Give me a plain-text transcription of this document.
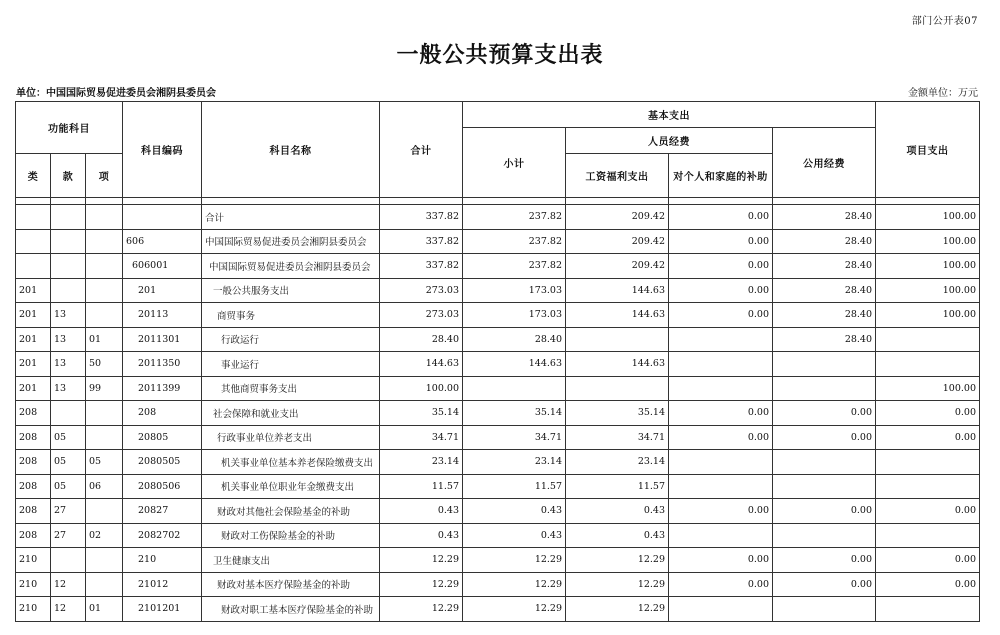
部门公开表07
一般公共预算支出表
单位：中国国际贸易促进委员会湘阴县委员会	金额单位：万元
功能科目			科目编码	科目名称	合计	基本支出				项目支出
						小计	人员经费		公用经费	
类	款	项					工资福利支出	对个人和家庭的补助		

				合计	337.82	237.82	209.42	0.00	28.40	100.00
			606	中国国际贸易促进委员会湘阴县委员会	337.82	237.82	209.42	0.00	28.40	100.00
			606001	中国国际贸易促进委员会湘阴县委员会	337.82	237.82	209.42	0.00	28.40	100.00
201			201	一般公共服务支出	273.03	173.03	144.63	0.00	28.40	100.00
201	13		20113	商贸事务	273.03	173.03	144.63	0.00	28.40	100.00
201	13	01	2011301	行政运行	28.40	28.40			28.40	
201	13	50	2011350	事业运行	144.63	144.63	144.63			
201	13	99	2011399	其他商贸事务支出	100.00					100.00
208			208	社会保障和就业支出	35.14	35.14	35.14	0.00	0.00	0.00
208	05		20805	行政事业单位养老支出	34.71	34.71	34.71	0.00	0.00	0.00
208	05	05	2080505	机关事业单位基本养老保险缴费支出	23.14	23.14	23.14			
208	05	06	2080506	机关事业单位职业年金缴费支出	11.57	11.57	11.57			
208	27		20827	财政对其他社会保险基金的补助	0.43	0.43	0.43	0.00	0.00	0.00
208	27	02	2082702	财政对工伤保险基金的补助	0.43	0.43	0.43			
210			210	卫生健康支出	12.29	12.29	12.29	0.00	0.00	0.00
210	12		21012	财政对基本医疗保险基金的补助	12.29	12.29	12.29	0.00	0.00	0.00
210	12	01	2101201	财政对职工基本医疗保险基金的补助	12.29	12.29	12.29			
